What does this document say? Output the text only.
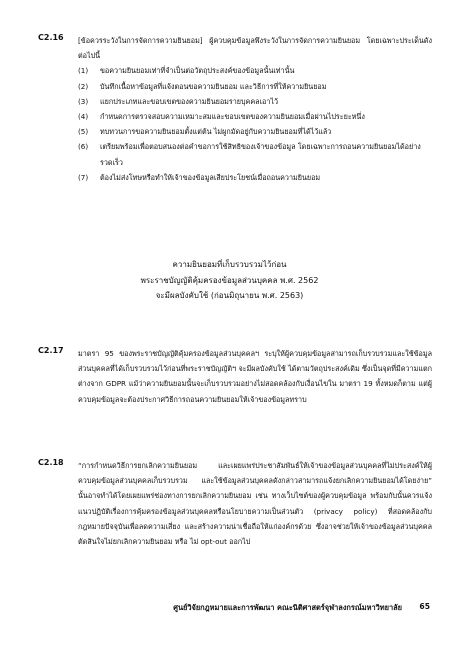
C2.16 [ข้อควรระวังในการจัดการความยินยอม] ผู้ควบคุมข้อมูลพึงระวังในการจัดการความยินยอม โดยเฉพาะประเด็นดังต่อไปนี้
(1) ขอความยินยอมเท่าที่จำเป็นต่อวัตถุประสงค์ของข้อมูลนั้นเท่านั้น
(2) บันทึกเนื้อหาข้อมูลที่แจ้งตอนขอความยินยอม และวิธีการที่ให้ความยินยอม
(3) แยกประเภทและขอบเขตของความยินยอมรายบุคคลเอาไว้
(4) กำหนดการตรวจสอบความเหมาะสมและขอบเขตของความยินยอมเมื่อผ่านไประยะหนึ่ง
(5) ทบทวนการขอความยินยอมตั้งแต่ต้น ไม่ผูกมัดอยู่กับความยินยอมที่ได้ไว้แล้ว
(6) เตรียมพร้อมเพื่อตอบสนองต่อคำขอการใช้สิทธิของเจ้าของข้อมูล โดยเฉพาะการถอนความยินยอมได้อย่างรวดเร็ว
(7) ต้องไม่ส่งโทษหรือทำให้เจ้าของข้อมูลเสียประโยชน์เมื่อถอนความยินยอม
ความยินยอมที่เก็บรวบรวมไว้ก่อน
พระราชบัญญัติคุ้มครองข้อมูลส่วนบุคคล พ.ศ. 2562
จะมีผลบังคับใช้ (ก่อนมิถุนายน พ.ศ. 2563)
C2.17 มาตรา 95 ของพระราชบัญญัติคุ้มครองข้อมูลส่วนบุคคลฯ ระบุให้ผู้ควบคุมข้อมูลสามารถเก็บรวบรวมและใช้ข้อมูลส่วนบุคคลที่ได้เก็บรวบรวมไว้ก่อนที่พระราชบัญญัติฯ จะมีผลบังคับใช้ ได้ตามวัตถุประสงค์เดิม ซึ่งเป็นจุดที่มีความแตกต่างจาก GDPR แม้ว่าความยินยอมนั้นจะเก็บรวบรวมอย่างไม่สอดคล้องกับเงื่อนไขใน มาตรา 19 ทั้งหมดก็ตาม แต่ผู้ควบคุมข้อมูลจะต้องประกาศวิธีการถอนความยินยอมให้เจ้าของข้อมูลทราบ
C2.18 “การกำหนดวิธีการยกเลิกความยินยอม และเผยแพร่ประชาสัมพันธ์ให้เจ้าของข้อมูลส่วนบุคคลที่ไม่ประสงค์ให้ผู้ควบคุมข้อมูลส่วนบุคคลเก็บรวบรวม และใช้ข้อมูลส่วนบุคคลดังกล่าวสามารถแจ้งยกเลิกความยินยอมได้โดยง่าย” นั้นอาจทำได้โดยเผยแพร่ช่องทางการยกเลิกความยินยอม เช่น ทางเว็บไซต์ของผู้ควบคุมข้อมูล พร้อมกับนั้นควรแจ้งแนวปฏิบัติเรื่องการคุ้มครองข้อมูลส่วนบุคคลหรือนโยบายความเป็นส่วนตัว (privacy policy) ที่สอดคล้องกับกฎหมายปัจจุบันเพื่อลดความเสี่ยง และสร้างความน่าเชื่อถือให้แก่องค์กรด้วย ซึ่งอาจช่วยให้เจ้าของข้อมูลส่วนบุคคลตัดสินใจไม่ยกเลิกความยินยอม หรือ ไม่ opt-out ออกไป
ศูนย์วิจัยกฎหมายและการพัฒนา คณะนิติศาสตร์จุฬาลงกรณ์มหาวิทยาลัย 65
